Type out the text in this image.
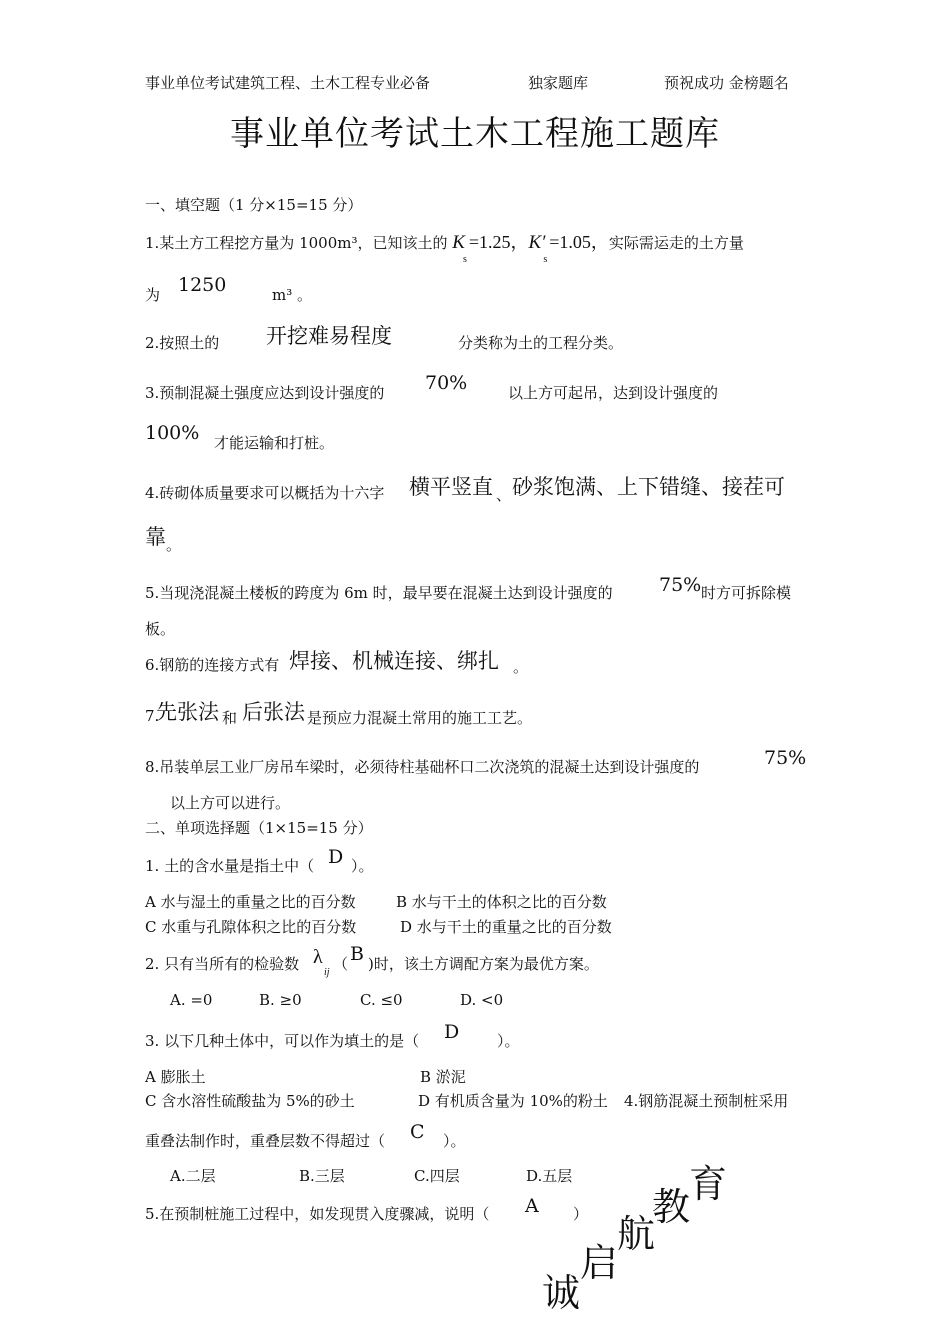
事业单位考试建筑工程、土木工程专业必备	独家题库	预祝成功 金榜题名
事业单位考试土木工程施工题库
一、填空题（1 分×15=15 分）
1.某土方工程挖方量为 1000m³，已知该土的 $K_s=1.25$，$K'_s=1.05$，实际需运走的土方量
为 1250	m³ 。
2.按照土的 开挖难易程度	分类称为土的工程分类。
3.预制混凝土强度应达到设计强度的 70%	以上方可起吊，达到设计强度的
100% 才能运输和打桩。
4.砖砌体质量要求可以概括为十六字 横平竖直 、 砂浆饱满、上下错缝、接茬可
靠 。
5.当现浇混凝土楼板的跨度为 6m 时，最早要在混凝土达到设计强度的 75% 时方可拆除模
板。
6.钢筋的连接方式有 焊接、机械连接、绑扎 。
7.
先张法 和 后张法 是预应力混凝土常用的施工工艺。
8.吊装单层工业厂房吊车梁时，必须待柱基础杯口二次浇筑的混凝土达到设计强度的	75%
以上方可以进行。
二、单项选择题（1×15=15 分）
1. 土的含水量是指土中（ D ）。
A 水与湿土的重量之比的百分数	B 水与干土的体积之比的百分数
C 水重与孔隙体积之比的百分数	D 水与干土的重量之比的百分数
2. 只有当所有的检验数 λ
ij （ B )时，该土方调配方案为最优方案。
A. =0	B. ≥0	C. ≤0	D. <0
3. 以下几种土体中，可以作为填土的是（ D	）。
A 膨胀土	B 淤泥
C 含水溶性硫酸盐为 5%的砂土	D 有机质含量为 10%的粉土 4.钢筋混凝土预制桩采用
重叠法制作时，重叠层数不得超过（ C ）。
A.二层	B.三层	C.四层	D.五层
5.在预制桩施工过程中，如发现贯入度骤减，说明（ A ）
诚
启
航
教
育
